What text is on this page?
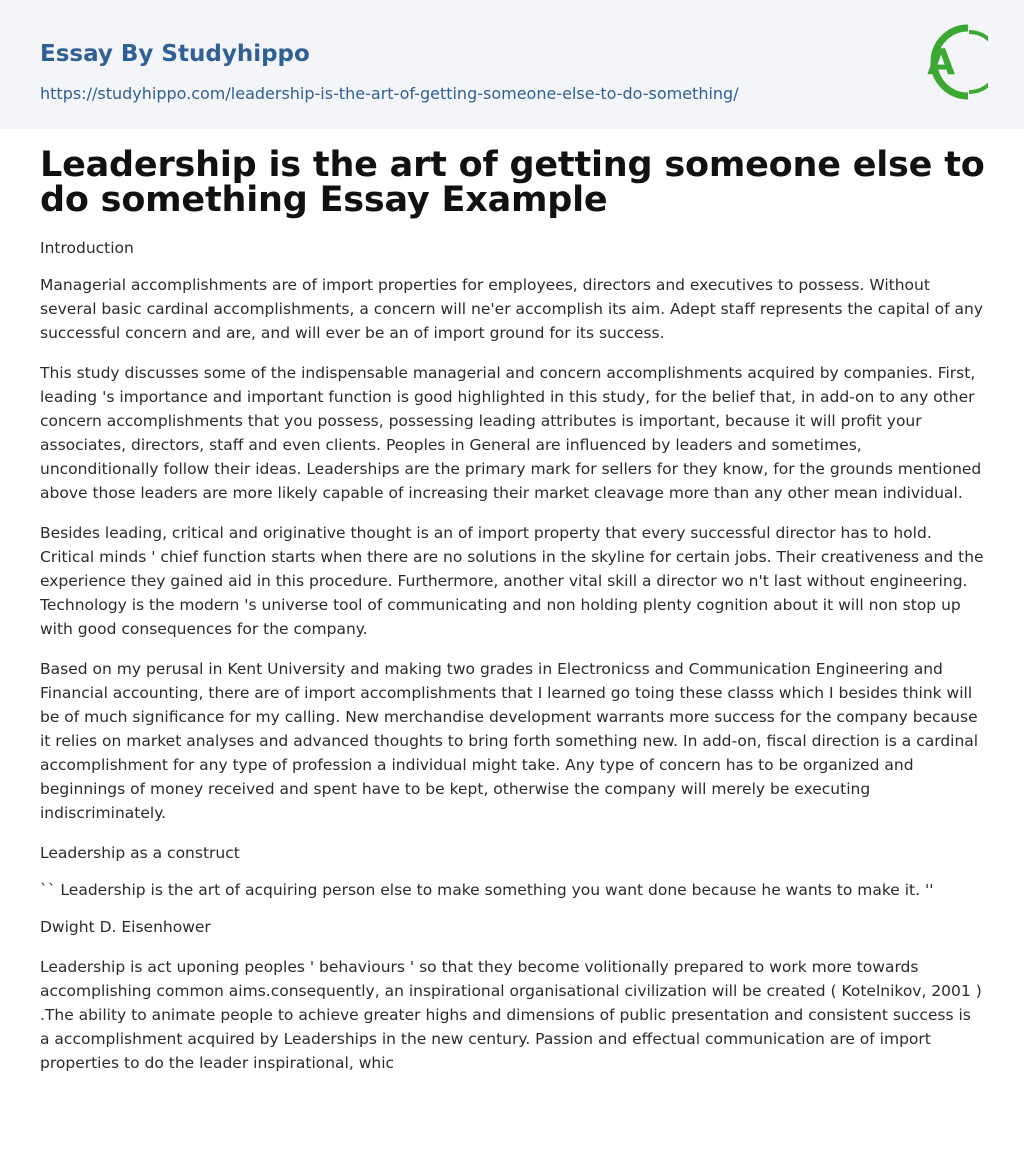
Essay By Studyhippo
https://studyhippo.com/leadership-is-the-art-of-getting-someone-else-to-do-something/
A
Leadership is the art of getting someone else to do something Essay Example

Introduction

Managerial accomplishments are of import properties for employees, directors and executives to possess. Without several basic cardinal accomplishments, a concern will ne'er accomplish its aim. Adept staff represents the capital of any successful concern and are, and will ever be an of import ground for its success.

This study discusses some of the indispensable managerial and concern accomplishments acquired by companies. First, leading 's importance and important function is good highlighted in this study, for the belief that, in add-on to any other concern accomplishments that you possess, possessing leading attributes is important, because it will profit your associates, directors, staff and even clients. Peoples in General are influenced by leaders and sometimes, unconditionally follow their ideas. Leaderships are the primary mark for sellers for they know, for the grounds mentioned above those leaders are more likely capable of increasing their market cleavage more than any other mean individual.

Besides leading, critical and originative thought is an of import property that every successful director has to hold. Critical minds ' chief function starts when there are no solutions in the skyline for certain jobs. Their creativeness and the experience they gained aid in this procedure. Furthermore, another vital skill a director wo n't last without engineering. Technology is the modern 's universe tool of communicating and non holding plenty cognition about it will non stop up with good consequences for the company.

Based on my perusal in Kent University and making two grades in Electronicss and Communication Engineering and Financial accounting, there are of import accomplishments that I learned go toing these classs which I besides think will be of much significance for my calling. New merchandise development warrants more success for the company because it relies on market analyses and advanced thoughts to bring forth something new. In add-on, fiscal direction is a cardinal accomplishment for any type of profession a individual might take. Any type of concern has to be organized and beginnings of money received and spent have to be kept, otherwise the company will merely be executing indiscriminately.

Leadership as a construct

`` Leadership is the art of acquiring person else to make something you want done because he wants to make it. ''

Dwight D. Eisenhower

Leadership is act uponing peoples ' behaviours ' so that they become volitionally prepared to work more towards accomplishing common aims.consequently, an inspirational organisational civilization will be created ( Kotelnikov, 2001 ) .The ability to animate people to achieve greater highs and dimensions of public presentation and consistent success is a accomplishment acquired by Leaderships in the new century. Passion and effectual communication are of import properties to do the leader inspirational, whic
